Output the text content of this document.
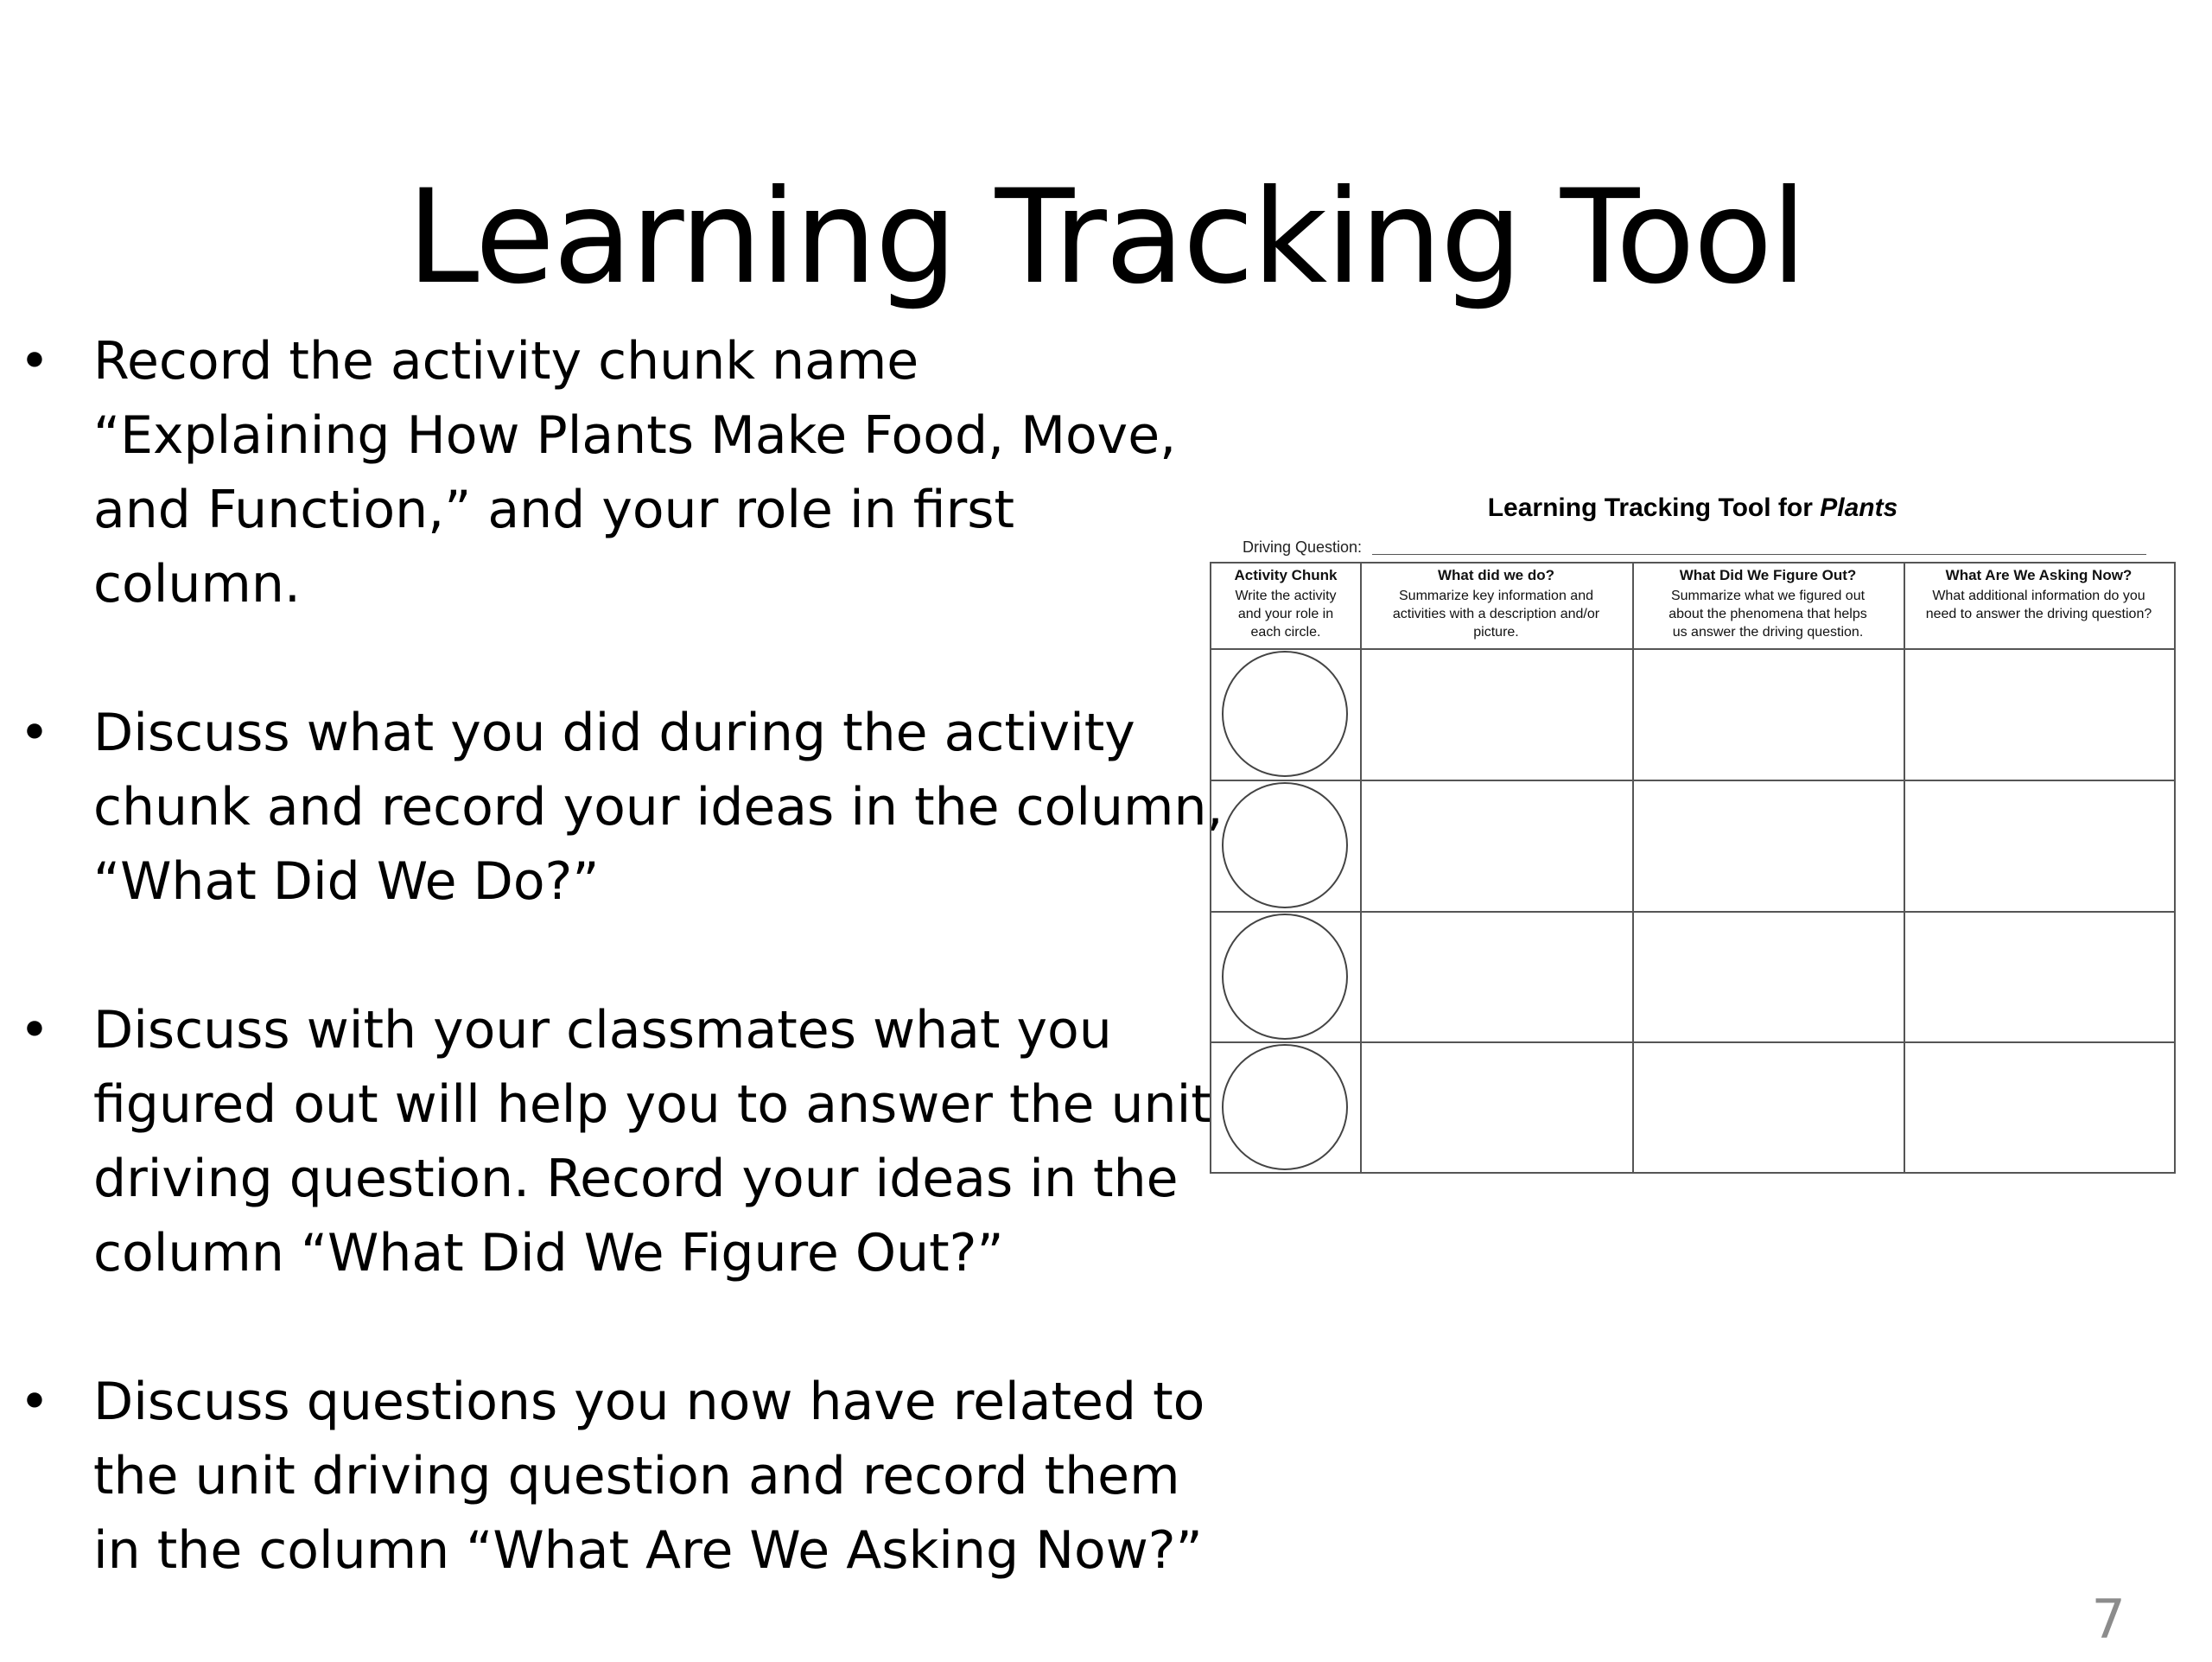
Learning Tracking Tool
• Record the activity chunk name
“Explaining How Plants Make Food, Move,
and Function,” and your role in first
column.
• Discuss what you did during the activity
chunk and record your ideas in the column,
“What Did We Do?”
• Discuss with your classmates what you
figured out will help you to answer the unit
driving question. Record your ideas in the
column “What Did We Figure Out?”
• Discuss questions you now have related to
the unit driving question and record them
in the column “What Are We Asking Now?”
Learning Tracking Tool for Plants
Driving Question:
Activity Chunk
Write the activity
and your role in
each circle.
What did we do?
Summarize key information and
activities with a description and/or
picture.
What Did We Figure Out?
Summarize what we figured out
about the phenomena that helps
us answer the driving question.
What Are We Asking Now?
What additional information do you
need to answer the driving question?
7
